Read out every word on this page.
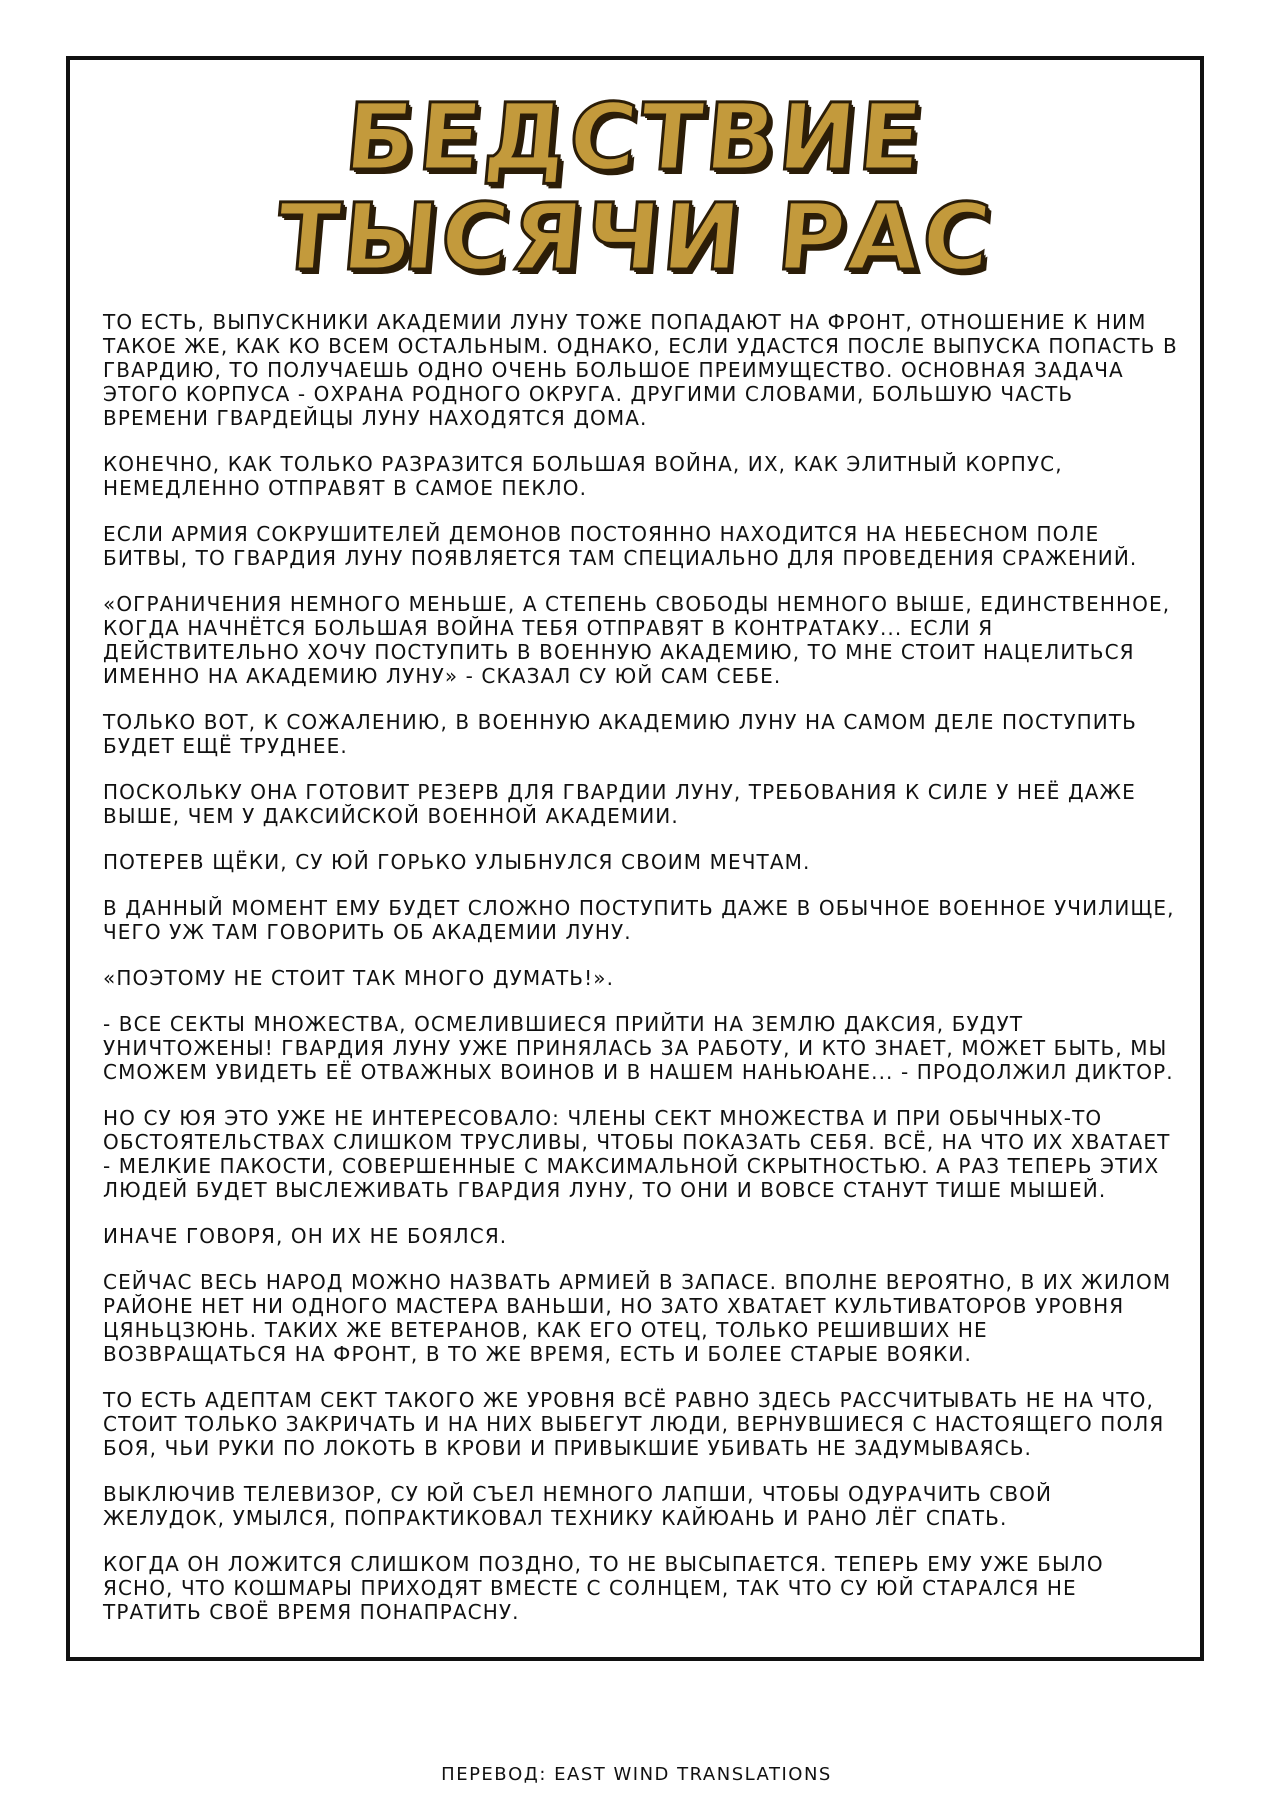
БЕДСТВИЕ
ТЫСЯЧИ РАС

ТО ЕСТЬ, ВЫПУСКНИКИ АКАДЕМИИ ЛУНУ ТОЖЕ ПОПАДАЮТ НА ФРОНТ, ОТНОШЕНИЕ К НИМ ТАКОЕ ЖЕ, КАК КО ВСЕМ ОСТАЛЬНЫМ. ОДНАКО, ЕСЛИ УДАСТСЯ ПОСЛЕ ВЫПУСКА ПОПАСТЬ В ГВАРДИЮ, ТО ПОЛУЧАЕШЬ ОДНО ОЧЕНЬ БОЛЬШОЕ ПРЕИМУЩЕСТВО. ОСНОВНАЯ ЗАДАЧА ЭТОГО КОРПУСА - ОХРАНА РОДНОГО ОКРУГА. ДРУГИМИ СЛОВАМИ, БОЛЬШУЮ ЧАСТЬ ВРЕМЕНИ ГВАРДЕЙЦЫ ЛУНУ НАХОДЯТСЯ ДОМА.

КОНЕЧНО, КАК ТОЛЬКО РАЗРАЗИТСЯ БОЛЬШАЯ ВОЙНА, ИХ, КАК ЭЛИТНЫЙ КОРПУС, НЕМЕДЛЕННО ОТПРАВЯТ В САМОЕ ПЕКЛО.

ЕСЛИ АРМИЯ СОКРУШИТЕЛЕЙ ДЕМОНОВ ПОСТОЯННО НАХОДИТСЯ НА НЕБЕСНОМ ПОЛЕ БИТВЫ, ТО ГВАРДИЯ ЛУНУ ПОЯВЛЯЕТСЯ ТАМ СПЕЦИАЛЬНО ДЛЯ ПРОВЕДЕНИЯ СРАЖЕНИЙ.

«ОГРАНИЧЕНИЯ НЕМНОГО МЕНЬШЕ, А СТЕПЕНЬ СВОБОДЫ НЕМНОГО ВЫШЕ, ЕДИНСТВЕННОЕ, КОГДА НАЧНЁТСЯ БОЛЬШАЯ ВОЙНА ТЕБЯ ОТПРАВЯТ В КОНТРАТАКУ... ЕСЛИ Я ДЕЙСТВИТЕЛЬНО ХОЧУ ПОСТУПИТЬ В ВОЕННУЮ АКАДЕМИЮ, ТО МНЕ СТОИТ НАЦЕЛИТЬСЯ ИМЕННО НА АКАДЕМИЮ ЛУНУ» - СКАЗАЛ СУ ЮЙ САМ СЕБЕ.

ТОЛЬКО ВОТ, К СОЖАЛЕНИЮ, В ВОЕННУЮ АКАДЕМИЮ ЛУНУ НА САМОМ ДЕЛЕ ПОСТУПИТЬ БУДЕТ ЕЩЁ ТРУДНЕЕ.

ПОСКОЛЬКУ ОНА ГОТОВИТ РЕЗЕРВ ДЛЯ ГВАРДИИ ЛУНУ, ТРЕБОВАНИЯ К СИЛЕ У НЕЁ ДАЖЕ ВЫШЕ, ЧЕМ У ДАКСИЙСКОЙ ВОЕННОЙ АКАДЕМИИ.

ПОТЕРЕВ ЩЁКИ, СУ ЮЙ ГОРЬКО УЛЫБНУЛСЯ СВОИМ МЕЧТАМ.

В ДАННЫЙ МОМЕНТ ЕМУ БУДЕТ СЛОЖНО ПОСТУПИТЬ ДАЖЕ В ОБЫЧНОЕ ВОЕННОЕ УЧИЛИЩЕ, ЧЕГО УЖ ТАМ ГОВОРИТЬ ОБ АКАДЕМИИ ЛУНУ.

«ПОЭТОМУ НЕ СТОИТ ТАК МНОГО ДУМАТЬ!».

- ВСЕ СЕКТЫ МНОЖЕСТВА, ОСМЕЛИВШИЕСЯ ПРИЙТИ НА ЗЕМЛЮ ДАКСИЯ, БУДУТ УНИЧТОЖЕНЫ! ГВАРДИЯ ЛУНУ УЖЕ ПРИНЯЛАСЬ ЗА РАБОТУ, И КТО ЗНАЕТ, МОЖЕТ БЫТЬ, МЫ СМОЖЕМ УВИДЕТЬ ЕЁ ОТВАЖНЫХ ВОИНОВ И В НАШЕМ НАНЬЮАНЕ... - ПРОДОЛЖИЛ ДИКТОР.

НО СУ ЮЯ ЭТО УЖЕ НЕ ИНТЕРЕСОВАЛО: ЧЛЕНЫ СЕКТ МНОЖЕСТВА И ПРИ ОБЫЧНЫХ-ТО ОБСТОЯТЕЛЬСТВАХ СЛИШКОМ ТРУСЛИВЫ, ЧТОБЫ ПОКАЗАТЬ СЕБЯ. ВСЁ, НА ЧТО ИХ ХВАТАЕТ - МЕЛКИЕ ПАКОСТИ, СОВЕРШЕННЫЕ С МАКСИМАЛЬНОЙ СКРЫТНОСТЬЮ. А РАЗ ТЕПЕРЬ ЭТИХ ЛЮДЕЙ БУДЕТ ВЫСЛЕЖИВАТЬ ГВАРДИЯ ЛУНУ, ТО ОНИ И ВОВСЕ СТАНУТ ТИШЕ МЫШЕЙ.

ИНАЧЕ ГОВОРЯ, ОН ИХ НЕ БОЯЛСЯ.

СЕЙЧАС ВЕСЬ НАРОД МОЖНО НАЗВАТЬ АРМИЕЙ В ЗАПАСЕ. ВПОЛНЕ ВЕРОЯТНО, В ИХ ЖИЛОМ РАЙОНЕ НЕТ НИ ОДНОГО МАСТЕРА ВАНЬШИ, НО ЗАТО ХВАТАЕТ КУЛЬТИВАТОРОВ УРОВНЯ ЦЯНЬЦЗЮНЬ. ТАКИХ ЖЕ ВЕТЕРАНОВ, КАК ЕГО ОТЕЦ, ТОЛЬКО РЕШИВШИХ НЕ ВОЗВРАЩАТЬСЯ НА ФРОНТ, В ТО ЖЕ ВРЕМЯ, ЕСТЬ И БОЛЕЕ СТАРЫЕ ВОЯКИ.

ТО ЕСТЬ АДЕПТАМ СЕКТ ТАКОГО ЖЕ УРОВНЯ ВСЁ РАВНО ЗДЕСЬ РАССЧИТЫВАТЬ НЕ НА ЧТО, СТОИТ ТОЛЬКО ЗАКРИЧАТЬ И НА НИХ ВЫБЕГУТ ЛЮДИ, ВЕРНУВШИЕСЯ С НАСТОЯЩЕГО ПОЛЯ БОЯ, ЧЬИ РУКИ ПО ЛОКОТЬ В КРОВИ И ПРИВЫКШИЕ УБИВАТЬ НЕ ЗАДУМЫВАЯСЬ.

ВЫКЛЮЧИВ ТЕЛЕВИЗОР, СУ ЮЙ СЪЕЛ НЕМНОГО ЛАПШИ, ЧТОБЫ ОДУРАЧИТЬ СВОЙ ЖЕЛУДОК, УМЫЛСЯ, ПОПРАКТИКОВАЛ ТЕХНИКУ КАЙЮАНЬ И РАНО ЛЁГ СПАТЬ.

КОГДА ОН ЛОЖИТСЯ СЛИШКОМ ПОЗДНО, ТО НЕ ВЫСЫПАЕТСЯ. ТЕПЕРЬ ЕМУ УЖЕ БЫЛО ЯСНО, ЧТО КОШМАРЫ ПРИХОДЯТ ВМЕСТЕ С СОЛНЦЕМ, ТАК ЧТО СУ ЮЙ СТАРАЛСЯ НЕ ТРАТИТЬ СВОЁ ВРЕМЯ ПОНАПРАСНУ.

ПЕРЕВОД: EAST WIND TRANSLATIONS
